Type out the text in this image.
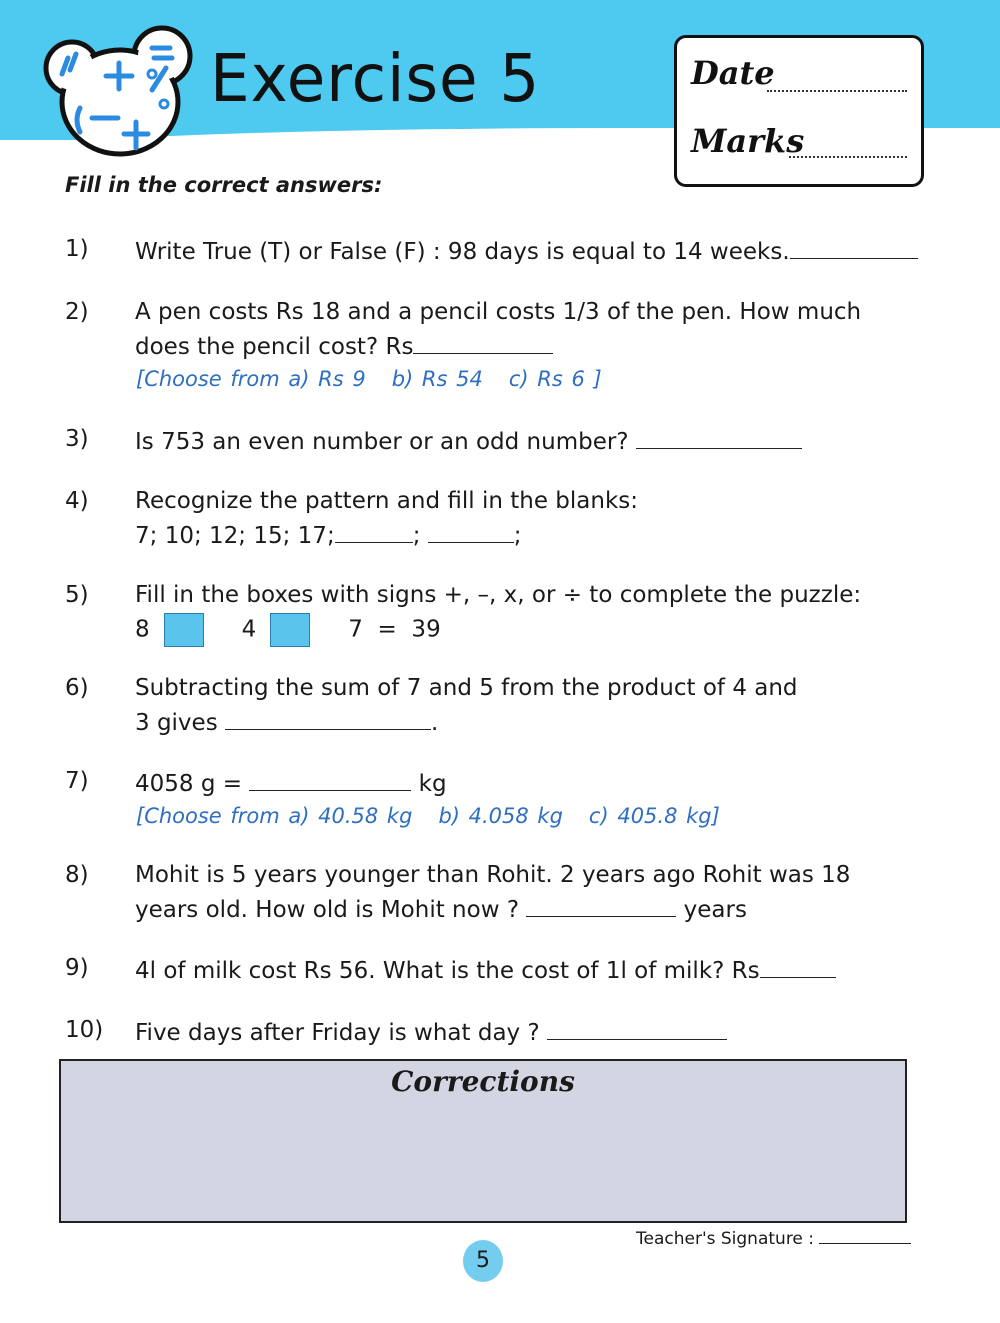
Exercise 5	Date
Marks
Fill in the correct answers:
1) Write True (T) or False (F) : 98 days is equal to 14 weeks.
2) A pen costs Rs 18 and a pencil costs 1/3 of the pen. How much
does the pencil cost? Rs
[Choose from a) Rs 9 b) Rs 54 c) Rs 6 ]
3) Is 753 an even number or an odd number?
4) Recognize the pattern and fill in the blanks:
7; 10; 12; 15; 17;	;	;
5) Fill in the boxes with signs +, –, x, or ÷ to complete the puzzle:
8	4	7  =  39
6) Subtracting the sum of 7 and 5 from the product of 4 and
3 gives	.
7) 4058 g =	kg
[Choose from a) 40.58 kg b) 4.058 kg c) 405.8 kg]
8) Mohit is 5 years younger than Rohit. 2 years ago Rohit was 18
years old. How old is Mohit now ?	years
9) 4l of milk cost Rs 56. What is the cost of 1l of milk? Rs
10) Five days after Friday is what day ?
Corrections
Teacher's Signature :
5
